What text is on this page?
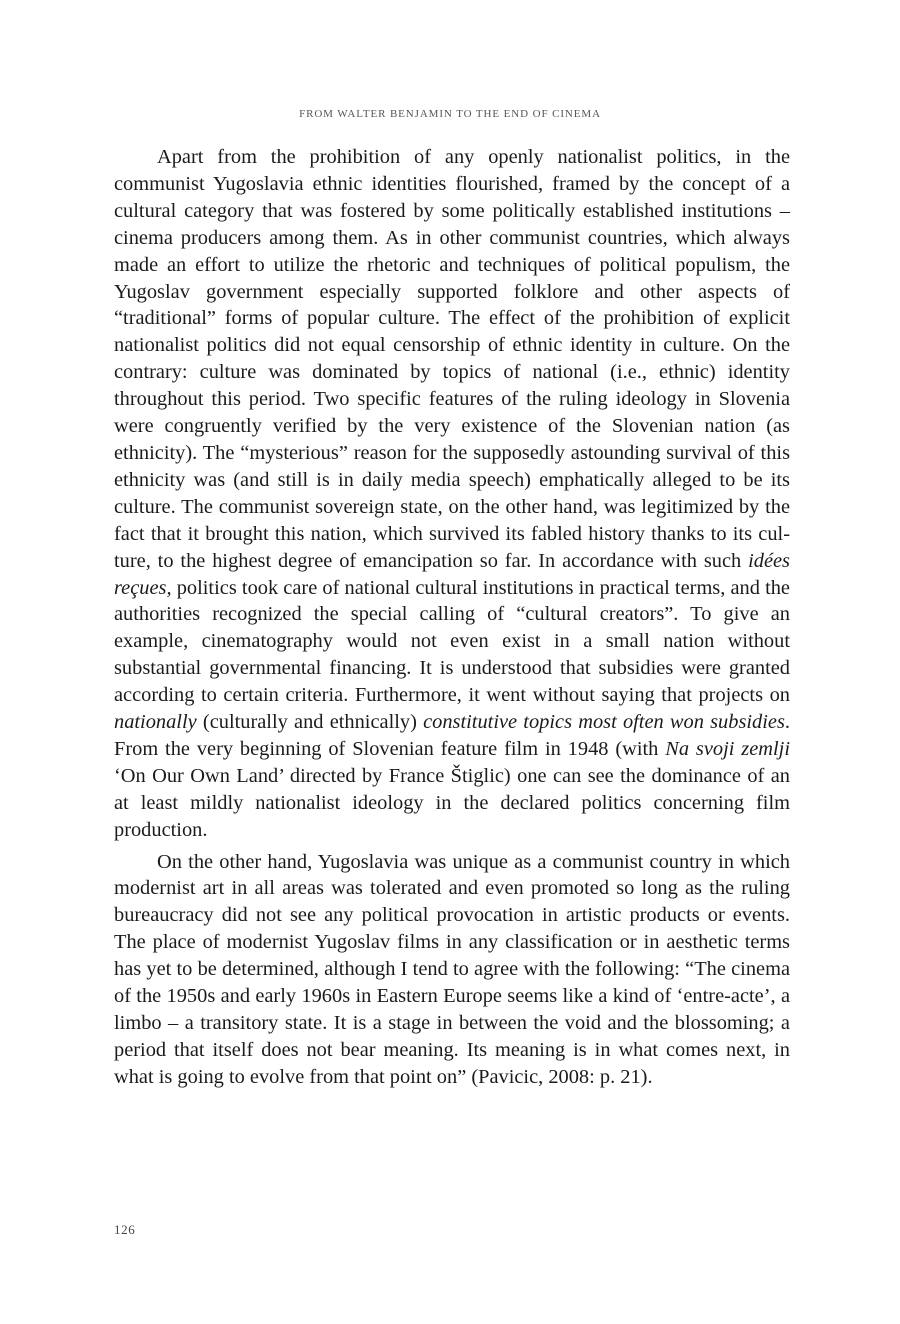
FROM WALTER BENJAMIN TO THE END OF CINEMA

Apart from the prohibition of any openly nationalist politics, in the communist Yugoslavia ethnic identities flourished, framed by the concept of a cultural category that was fostered by some politically established institutions – cinema producers among them. As in other communist countries, which always made an effort to utilize the rhetoric and techniques of political populism, the Yugoslav government especially supported folklore and other aspects of “traditional” forms of popular culture. The effect of the prohibition of explicit nationalist politics did not equal censorship of ethnic identity in culture. On the contrary: culture was dominated by topics of national (i.e., ethnic) identity throughout this period. Two specific features of the ruling ideology in Slovenia were congruently verified by the very existence of the Slovenian nation (as ethnicity). The “mysterious” reason for the supposedly astounding survival of this ethnicity was (and still is in daily media speech) emphatically alleged to be its culture. The communist sovereign state, on the other hand, was legitimized by the fact that it brought this nation, which survived its fabled history thanks to its culture, to the highest degree of emancipation so far. In accordance with such idées reçues, politics took care of national cultural institutions in practical terms, and the authorities recognized the special calling of “cultural creators”. To give an example, cinematography would not even exist in a small nation without substantial governmental financing. It is understood that subsidies were granted according to certain criteria. Furthermore, it went without saying that projects on nationally (culturally and ethnically) constitutive topics most often won subsidies. From the very beginning of Slovenian feature film in 1948 (with Na svoji zemlji ‘On Our Own Land’ directed by France Štiglic) one can see the dominance of an at least mildly nationalist ideology in the declared politics concerning film production.

On the other hand, Yugoslavia was unique as a communist country in which modernist art in all areas was tolerated and even promoted so long as the ruling bureaucracy did not see any political provocation in artistic products or events. The place of modernist Yugoslav films in any classification or in aesthetic terms has yet to be determined, although I tend to agree with the following: “The cinema of the 1950s and early 1960s in Eastern Europe seems like a kind of ‘entre-acte’, a limbo – a transitory state. It is a stage in between the void and the blossoming; a period that itself does not bear meaning. Its meaning is in what comes next, in what is going to evolve from that point on” (Pavicic, 2008: p. 21).

126
